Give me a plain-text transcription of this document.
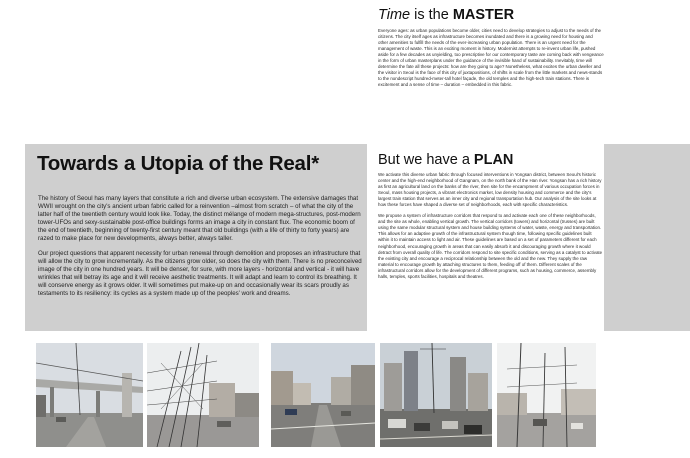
Towards a Utopia of the Real*

The history of Seoul has many layers that constitute a rich and diverse urban ecosystem. The extensive damages that WWII wrought on the city's ancient urban fabric called for a reinvention –almost from scratch – of what the city of the latter half of the twentieth century would look like. Today, the distinct mélange of modern mega-structures, post-modern tower-UFOs and sexy-sustainable post-office buildings forms an image a city in constant flux. The economic boom of the end of twentieth, beginning of twenty-first century meant that old buildings (with a life of thirty to forty years) are razed to make place for new developments, always better, always taller.

Our project questions that apparent necessity for urban renewal through demolition and proposes an infrastructure that will allow the city to grow incrementally. As the citizens grow older, so does the city with them. There is no preconceived image of the city in one hundred years. It will be denser, for sure, with more layers - horizontal and vertical - it will have wrinkles that will betray its age and it will receive aesthetic treatments. It will adapt and learn to control its breathing. It will conserve energy as it grows older. It will sometimes put make-up on and occasionally wear its scars proudly as testaments to its resiliency: its cycles as a system made up of the peoples' work and dreams.

Time is the MASTER

Everyone ages: as urban populations become older, cities need to develop strategies to adjust to the needs of the citizens. The city itself ages as infrastructure becomes inundated and there is a growing need for housing and other amenities to fulfill the needs of the ever-increasing urban population. There is an urgent need for the management of waste. This is an exciting moment in history. Modernist attempts to re-invent urban life, pushed aside for a few decades as unyielding, too prescriptive for our contemporary taste are coming back with vengeance in the form of urban masterplans under the guidance of the invisible hand of sustainability. Inevitably, time will determine the fate all these projects: how are they going to age? Nonetheless, what excites the urban dweller and the visitor in Seoul is the face of this city of juxtapositions, of shifts in scale from the little markets and news-stands to the nondescript hundred-meter-tall hotel façade, the old temples and the high-tech train stations. There is excitement and a sense of time – duration – embedded in this fabric.

But we have a PLAN

We activate this diverse urban fabric through focused interventions in Yongsan district, between Seoul's historic center and the high-end neighborhood of Gangnam, on the north bank of the Han river. Yongsan has a rich history as first an agricultural land on the banks of the river, then site for the encampment of various occupation forces in Seoul, mass housing projects, a vibrant electronics market, low density housing and commerce and the city's largest train station that serves as an inner city and regional transportation hub. Our analysis of the site looks at how these forces have shaped a diverse set of neighborhoods, each with specific characteristics.

We propose a system of infrastructure corridors that respond to and activate each one of these neighborhoods, and the site as whole, enabling vertical growth. The vertical corridors (towers) and horizontal (trusses) are built using the same modular structural system and house building systems of water, waste, energy and transportation. This allows for an adaptive growth of the infrastructural system though time, following specific guidelines built within it to maintain access to light and air. These guidelines are based on a set of parameters different for each neighborhood, encouraging growth in areas that can easily absorb it and discouraging growth where it would detract from overall quality of life. The corridors respond to site specific conditions, serving as a catalyst to activate the existing city and encourage a reciprocal relationship between the old and the new. They supply the raw material to encourage growth by attaching structures to them, feeding off of them. Different scales of the infrastructural corridors allow for the development of different programs, such as housing, commerce, assembly halls, temples, sports facilities, hospitals and theatres.
